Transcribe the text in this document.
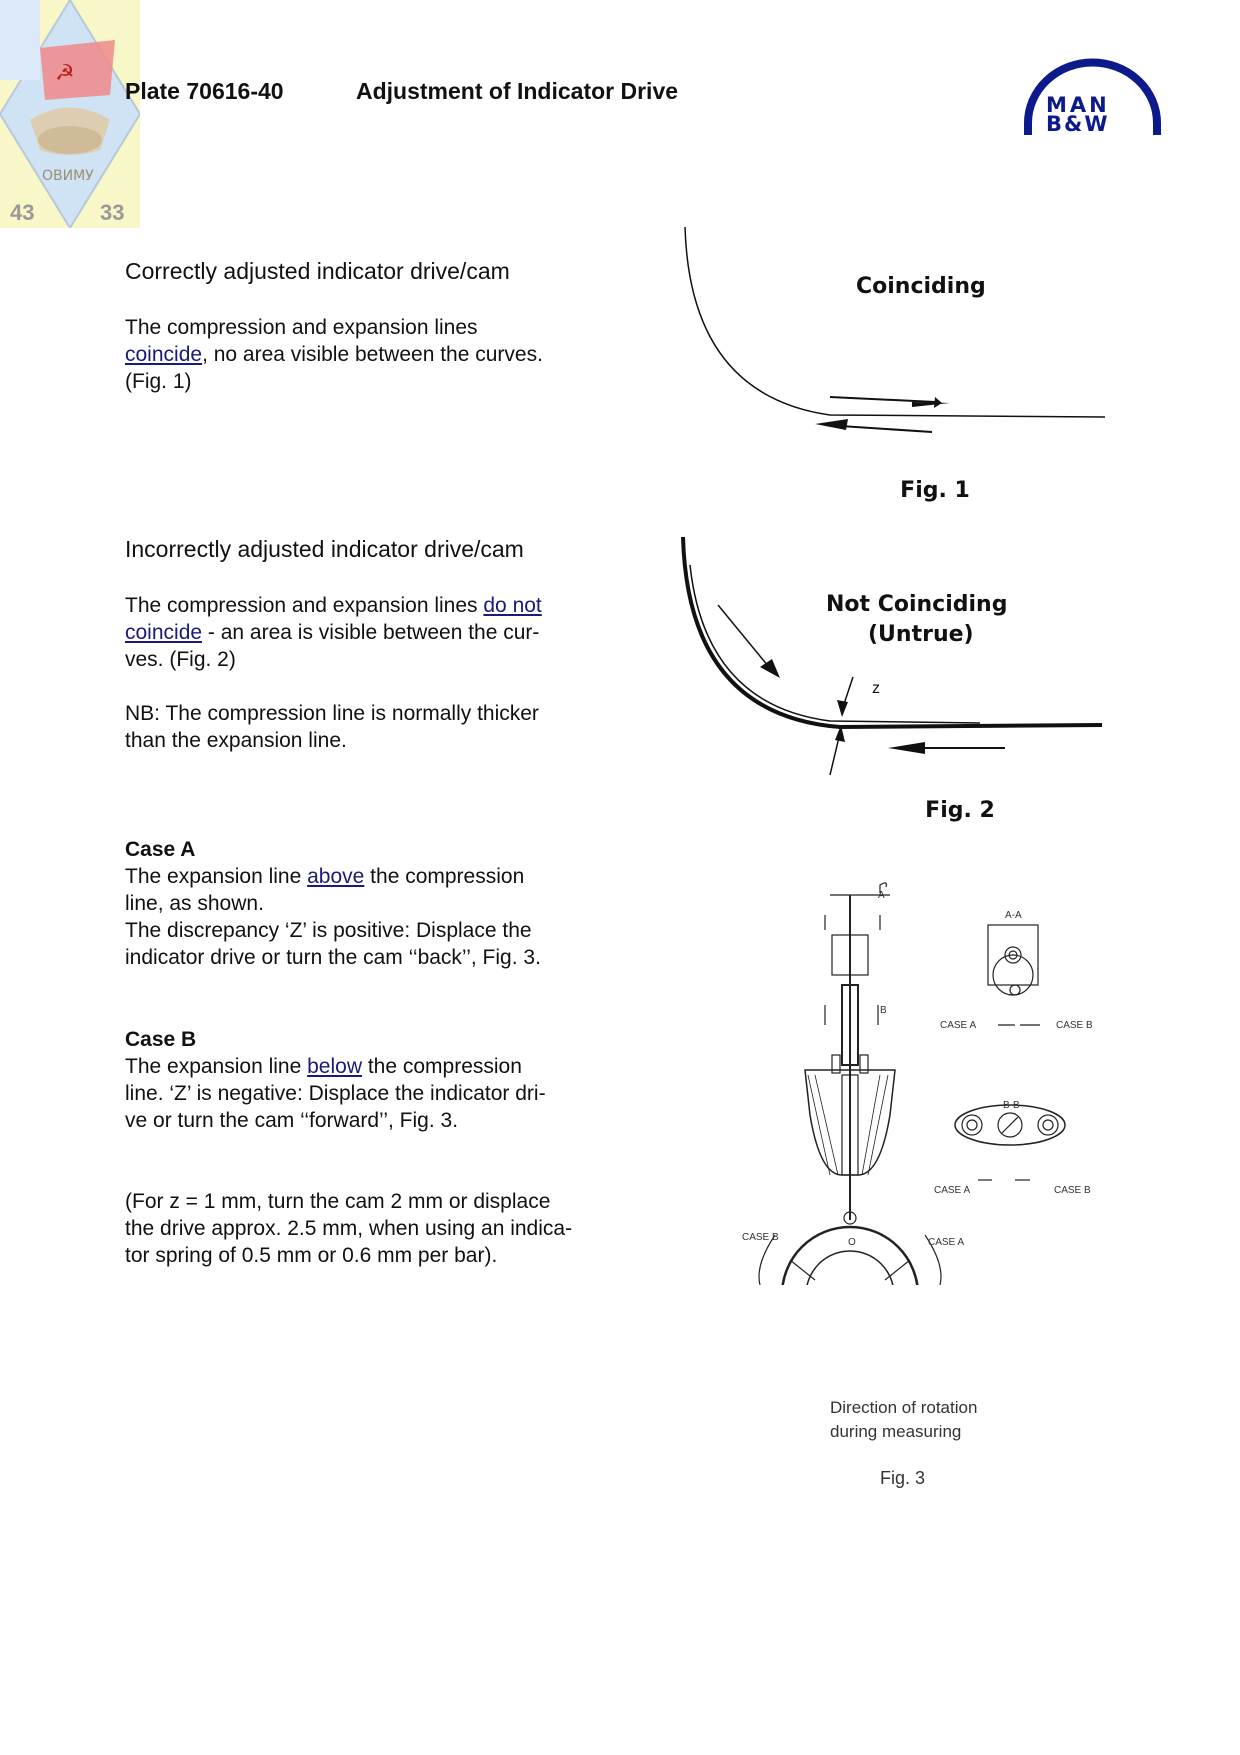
☭
ОВИМУ
43	33
Plate 70616-40	Adjustment of Indicator Drive
MAN
B&W
Correctly adjusted indicator drive/cam
The compression and expansion lines
coincide, no area visible between the curves.
(Fig. 1)
Incorrectly adjusted indicator drive/cam
The compression and expansion lines do not
coincide - an area is visible between the cur-
ves. (Fig. 2)
NB: The compression line is normally thicker
than the expansion line.
Case A
The expansion line above the compression
line, as shown.
The discrepancy ‘Z’ is positive: Displace the
indicator drive or turn the cam ‘‘back’’, Fig. 3.
Case B
The expansion line below the compression
line. ‘Z’ is negative: Displace the indicator dri-
ve or turn the cam ‘‘forward’’, Fig. 3.
(For z = 1 mm, turn the cam 2 mm or displace
the drive approx. 2.5 mm, when using an indica-
tor spring of 0.5 mm or 0.6 mm per bar).
Coinciding
Fig. 1
Not Coinciding
(Untrue)
z
Fig. 2
A-A
B-B
A
B
O
CASE A	CASE B
CASE A	CASE B
CASE B	CASE A
Direction of rotation
during measuring
Fig. 3
